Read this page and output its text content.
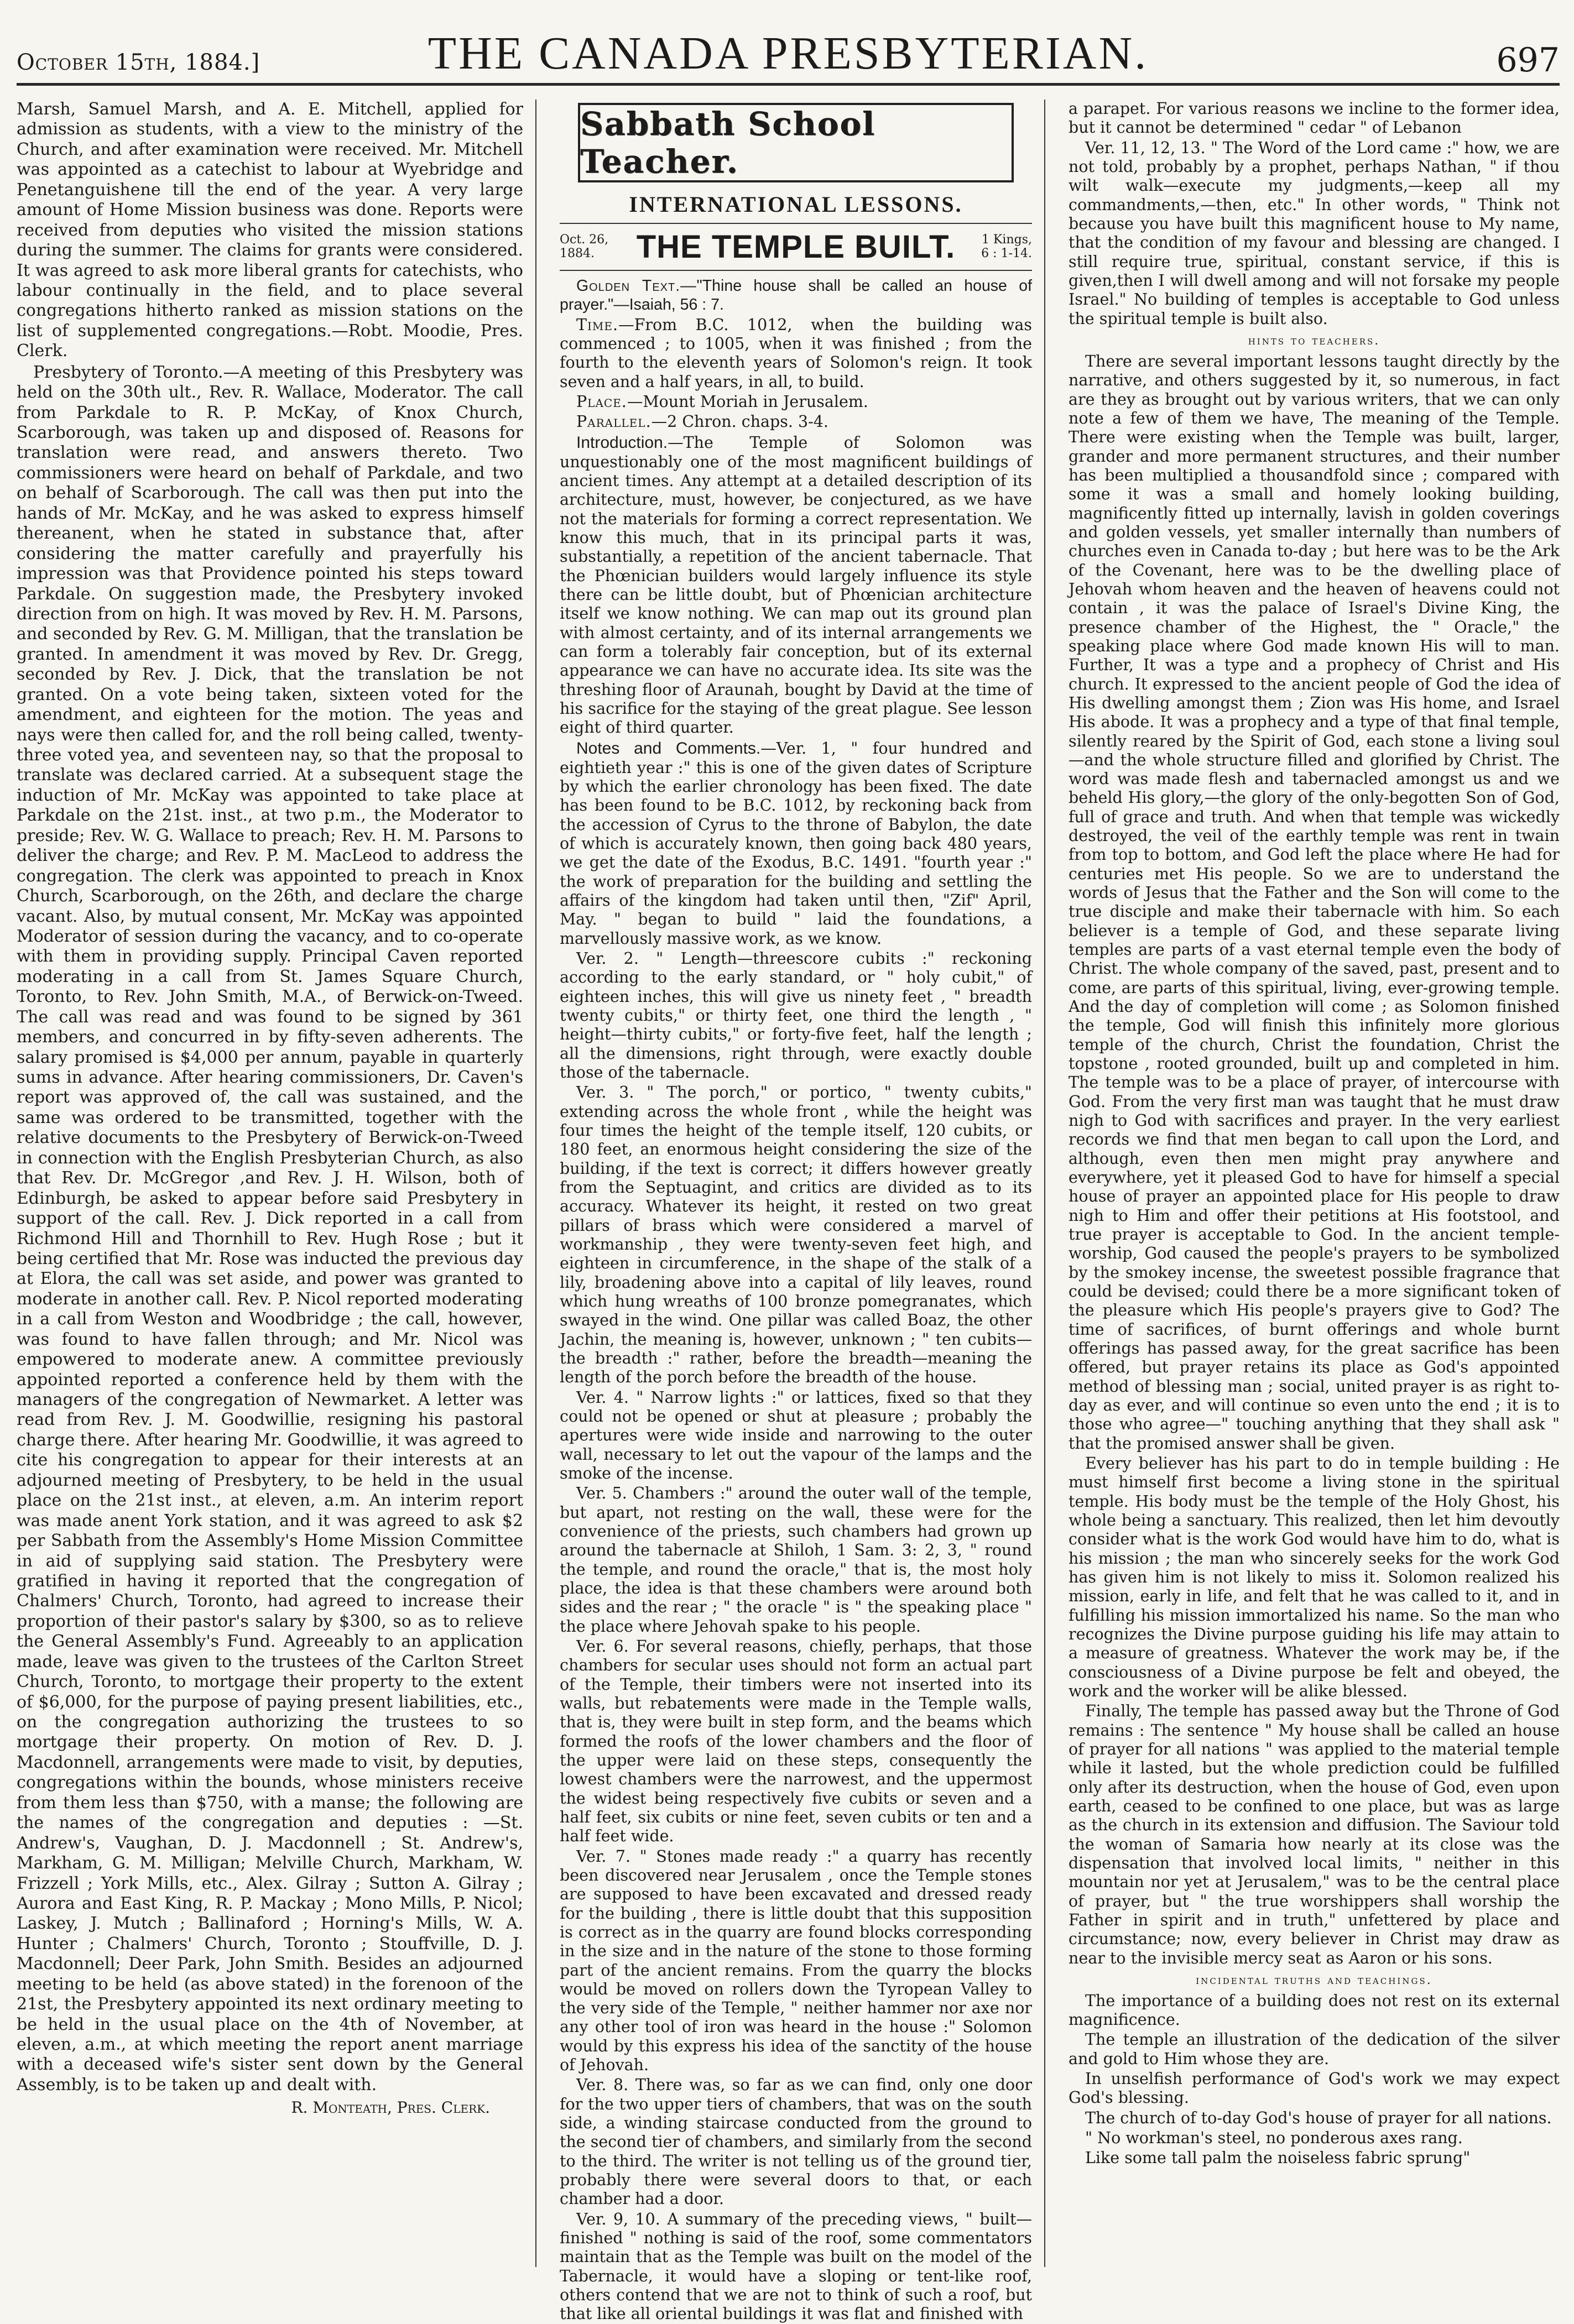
October 15th, 1884.]	THE CANADA PRESBYTERIAN.	697

Marsh, Samuel Marsh, and A. E. Mitchell, applied for admission as students, with a view to the ministry of the Church, and after examination were received. Mr. Mitchell was appointed as a catechist to labour at Wyebridge and Penetanguishene till the end of the year. A very large amount of Home Mission business was done. Reports were received from deputies who visited the mission stations during the summer. The claims for grants were considered. It was agreed to ask more liberal grants for catechists, who labour continually in the field, and to place several congregations hitherto ranked as mission stations on the list of supplemented congregations.—Robt. Moodie, Pres. Clerk.

Presbytery of Toronto.—A meeting of this Presbytery was held on the 30th ult., Rev. R. Wallace, Moderator. The call from Parkdale to R. P. McKay, of Knox Church, Scarborough, was taken up and disposed of. Reasons for translation were read, and answers thereto. Two commissioners were heard on behalf of Parkdale, and two on behalf of Scarborough. The call was then put into the hands of Mr. McKay, and he was asked to express himself thereanent, when he stated in substance that, after considering the matter carefully and prayerfully his impression was that Providence pointed his steps toward Parkdale. On suggestion made, the Presbytery invoked direction from on high. It was moved by Rev. H. M. Parsons, and seconded by Rev. G. M. Milligan, that the translation be granted. In amendment it was moved by Rev. Dr. Gregg, seconded by Rev. J. Dick, that the translation be not granted. On a vote being taken, sixteen voted for the amendment, and eighteen for the motion. The yeas and nays were then called for, and the roll being called, twenty-three voted yea, and seventeen nay, so that the proposal to translate was declared carried. At a subsequent stage the induction of Mr. McKay was appointed to take place at Parkdale on the 21st. inst., at two p.m., the Moderator to preside; Rev. W. G. Wallace to preach; Rev. H. M. Parsons to deliver the charge; and Rev. P. M. MacLeod to address the congregation. The clerk was appointed to preach in Knox Church, Scarborough, on the 26th, and declare the charge vacant. Also, by mutual consent, Mr. McKay was appointed Moderator of session during the vacancy, and to co-operate with them in providing supply. Principal Caven reported moderating in a call from St. James Square Church, Toronto, to Rev. John Smith, M.A., of Berwick-on-Tweed. The call was read and was found to be signed by 361 members, and concurred in by fifty-seven adherents. The salary promised is $4,000 per annum, payable in quarterly sums in advance. After hearing commissioners, Dr. Caven's report was approved of, the call was sustained, and the same was ordered to be transmitted, together with the relative documents to the Presbytery of Berwick-on-Tweed in connection with the English Presbyterian Church, as also that Rev. Dr. McGregor ,and Rev. J. H. Wilson, both of Edinburgh, be asked to appear before said Presbytery in support of the call. Rev. J. Dick reported in a call from Richmond Hill and Thornhill to Rev. Hugh Rose ; but it being certified that Mr. Rose was inducted the previous day at Elora, the call was set aside, and power was granted to moderate in another call. Rev. P. Nicol reported moderating in a call from Weston and Woodbridge ; the call, however, was found to have fallen through; and Mr. Nicol was empowered to moderate anew. A committee previously appointed reported a conference held by them with the managers of the congregation of Newmarket. A letter was read from Rev. J. M. Goodwillie, resigning his pastoral charge there. After hearing Mr. Goodwillie, it was agreed to cite his congregation to appear for their interests at an adjourned meeting of Presbytery, to be held in the usual place on the 21st inst., at eleven, a.m. An interim report was made anent York station, and it was agreed to ask $2 per Sabbath from the Assembly's Home Mission Committee in aid of supplying said station. The Presbytery were gratified in having it reported that the congregation of Chalmers' Church, Toronto, had agreed to increase their proportion of their pastor's salary by $300, so as to relieve the General Assembly's Fund. Agreeably to an application made, leave was given to the trustees of the Carlton Street Church, Toronto, to mortgage their property to the extent of $6,000, for the purpose of paying present liabilities, etc., on the congregation authorizing the trustees to so mortgage their property. On motion of Rev. D. J. Macdonnell, arrangements were made to visit, by deputies, congregations within the bounds, whose ministers receive from them less than $750, with a manse; the following are the names of the congregation and deputies : —St. Andrew's, Vaughan, D. J. Macdonnell ; St. Andrew's, Markham, G. M. Milligan; Melville Church, Markham, W. Frizzell ; York Mills, etc., Alex. Gilray ; Sutton A. Gilray ; Aurora and East King, R. P. Mackay ; Mono Mills, P. Nicol; Laskey, J. Mutch ; Ballinaford ; Horning's Mills, W. A. Hunter ; Chalmers' Church, Toronto ; Stouffville, D. J. Macdonnell; Deer Park, John Smith. Besides an adjourned meeting to be held (as above stated) in the forenoon of the 21st, the Presbytery appointed its next ordinary meeting to be held in the usual place on the 4th of November, at eleven, a.m., at which meeting the report anent marriage with a deceased wife's sister sent down by the General Assembly, is to be taken up and dealt with.

R. Monteath, Pres. Clerk.
Sabbath School Teacher.
INTERNATIONAL LESSONS.
Oct. 26, 1884.	THE TEMPLE BUILT.	1 Kings, 6 : 1-14.

Golden Text.—"Thine house shall be called an house of prayer."—Isaiah, 56 : 7.

Time.—From B.C. 1012, when the building was commenced ; to 1005, when it was finished ; from the fourth to the eleventh years of Solomon's reign. It took seven and a half years, in all, to build.

Place.—Mount Moriah in Jerusalem.

Parallel.—2 Chron. chaps. 3-4.

Introduction.—The Temple of Solomon was unquestionably one of the most magnificent buildings of ancient times. Any attempt at a detailed description of its architecture, must, however, be conjectured, as we have not the materials for forming a correct representation. We know this much, that in its principal parts it was, substantially, a repetition of the ancient tabernacle. That the Phœnician builders would largely influence its style there can be little doubt, but of Phœnician architecture itself we know nothing. We can map out its ground plan with almost certainty, and of its internal arrangements we can form a tolerably fair conception, but of its external appearance we can have no accurate idea. Its site was the threshing floor of Araunah, bought by David at the time of his sacrifice for the staying of the great plague. See lesson eight of third quarter.

Notes and Comments.—Ver. 1, " four hundred and eightieth year :" this is one of the given dates of Scripture by which the earlier chronology has been fixed. The date has been found to be B.C. 1012, by reckoning back from the accession of Cyrus to the throne of Babylon, the date of which is accurately known, then going back 480 years, we get the date of the Exodus, B.C. 1491. "fourth year :" the work of preparation for the building and settling the affairs of the kingdom had taken until then, "Zif" April, May. " began to build " laid the foundations, a marvellously massive work, as we know.

Ver. 2. " Length—threescore cubits :" reckoning according to the early standard, or " holy cubit," of eighteen inches, this will give us ninety feet , " breadth twenty cubits," or thirty feet, one third the length , " height—thirty cubits," or forty-five feet, half the length ; all the dimensions, right through, were exactly double those of the tabernacle.

Ver. 3. " The porch," or portico, " twenty cubits," extending across the whole front , while the height was four times the height of the temple itself, 120 cubits, or 180 feet, an enormous height considering the size of the building, if the text is correct; it differs however greatly from the Septuagint, and critics are divided as to its accuracy. Whatever its height, it rested on two great pillars of brass which were considered a marvel of workmanship , they were twenty-seven feet high, and eighteen in circumference, in the shape of the stalk of a lily, broadening above into a capital of lily leaves, round which hung wreaths of 100 bronze pomegranates, which swayed in the wind. One pillar was called Boaz, the other Jachin, the meaning is, however, unknown ; " ten cubits—the breadth :" rather, before the breadth—meaning the length of the porch before the breadth of the house.

Ver. 4. " Narrow lights :" or lattices, fixed so that they could not be opened or shut at pleasure ; probably the apertures were wide inside and narrowing to the outer wall, necessary to let out the vapour of the lamps and the smoke of the incense.

Ver. 5. Chambers :" around the outer wall of the temple, but apart, not resting on the wall, these were for the convenience of the priests, such chambers had grown up around the tabernacle at Shiloh, 1 Sam. 3: 2, 3, " round the temple, and round the oracle," that is, the most holy place, the idea is that these chambers were around both sides and the rear ; " the oracle " is " the speaking place " the place where Jehovah spake to his people.

Ver. 6. For several reasons, chiefly, perhaps, that those chambers for secular uses should not form an actual part of the Temple, their timbers were not inserted into its walls, but rebatements were made in the Temple walls, that is, they were built in step form, and the beams which formed the roofs of the lower chambers and the floor of the upper were laid on these steps, consequently the lowest chambers were the narrowest, and the uppermost the widest being respectively five cubits or seven and a half feet, six cubits or nine feet, seven cubits or ten and a half feet wide.

Ver. 7. " Stones made ready :" a quarry has recently been discovered near Jerusalem , once the Temple stones are supposed to have been excavated and dressed ready for the building , there is little doubt that this supposition is correct as in the quarry are found blocks corresponding in the size and in the nature of the stone to those forming part of the ancient remains. From the quarry the blocks would be moved on rollers down the Tyropean Valley to the very side of the Temple, " neither hammer nor axe nor any other tool of iron was heard in the house :" Solomon would by this express his idea of the sanctity of the house of Jehovah.

Ver. 8. There was, so far as we can find, only one door for the two upper tiers of chambers, that was on the south side, a winding staircase conducted from the ground to the second tier of chambers, and similarly from the second to the third. The writer is not telling us of the ground tier, probably there were several doors to that, or each chamber had a door.

Ver. 9, 10. A summary of the preceding views, " built—finished " nothing is said of the roof, some commentators maintain that as the Temple was built on the model of the Tabernacle, it would have a sloping or tent-like roof, others contend that we are not to think of such a roof, but that like all oriental buildings it was flat and finished with

a parapet. For various reasons we incline to the former idea, but it cannot be determined " cedar " of Lebanon

Ver. 11, 12, 13. " The Word of the Lord came :" how, we are not told, probably by a prophet, perhaps Nathan, " if thou wilt walk—execute my judgments,—keep all my commandments,—then, etc." In other words, " Think not because you have built this magnificent house to My name, that the condition of my favour and blessing are changed. I still require true, spiritual, constant service, if this is given,then I will dwell among and will not forsake my people Israel." No building of temples is acceptable to God unless the spiritual temple is built also.

hints to teachers.

There are several important lessons taught directly by the narrative, and others suggested by it, so numerous, in fact are they as brought out by various writers, that we can only note a few of them we have, The meaning of the Temple. There were existing when the Temple was built, larger, grander and more permanent structures, and their number has been multiplied a thousandfold since ; compared with some it was a small and homely looking building, magnificently fitted up internally, lavish in golden coverings and golden vessels, yet smaller internally than numbers of churches even in Canada to-day ; but here was to be the Ark of the Covenant, here was to be the dwelling place of Jehovah whom heaven and the heaven of heavens could not contain , it was the palace of Israel's Divine King, the presence chamber of the Highest, the " Oracle," the speaking place where God made known His will to man. Further, It was a type and a prophecy of Christ and His church. It expressed to the ancient people of God the idea of His dwelling amongst them ; Zion was His home, and Israel His abode. It was a prophecy and a type of that final temple, silently reared by the Spirit of God, each stone a living soul—and the whole structure filled and glorified by Christ. The word was made flesh and tabernacled amongst us and we beheld His glory,—the glory of the only-begotten Son of God, full of grace and truth. And when that temple was wickedly destroyed, the veil of the earthly temple was rent in twain from top to bottom, and God left the place where He had for centuries met His people. So we are to understand the words of Jesus that the Father and the Son will come to the true disciple and make their tabernacle with him. So each believer is a temple of God, and these separate living temples are parts of a vast eternal temple even the body of Christ. The whole company of the saved, past, present and to come, are parts of this spiritual, living, ever-growing temple. And the day of completion will come ; as Solomon finished the temple, God will finish this infinitely more glorious temple of the church, Christ the foundation, Christ the topstone , rooted grounded, built up and completed in him. The temple was to be a place of prayer, of intercourse with God. From the very first man was taught that he must draw nigh to God with sacrifices and prayer. In the very earliest records we find that men began to call upon the Lord, and although, even then men might pray anywhere and everywhere, yet it pleased God to have for himself a special house of prayer an appointed place for His people to draw nigh to Him and offer their petitions at His footstool, and true prayer is acceptable to God. In the ancient temple-worship, God caused the people's prayers to be symbolized by the smokey incense, the sweetest possible fragrance that could be devised; could there be a more significant token of the pleasure which His people's prayers give to God? The time of sacrifices, of burnt offerings and whole burnt offerings has passed away, for the great sacrifice has been offered, but prayer retains its place as God's appointed method of blessing man ; social, united prayer is as right to-day as ever, and will continue so even unto the end ; it is to those who agree—" touching anything that they shall ask " that the promised answer shall be given.

Every believer has his part to do in temple building : He must himself first become a living stone in the spiritual temple. His body must be the temple of the Holy Ghost, his whole being a sanctuary. This realized, then let him devoutly consider what is the work God would have him to do, what is his mission ; the man who sincerely seeks for the work God has given him is not likely to miss it. Solomon realized his mission, early in life, and felt that he was called to it, and in fulfilling his mission immortalized his name. So the man who recognizes the Divine purpose guiding his life may attain to a measure of greatness. Whatever the work may be, if the consciousness of a Divine purpose be felt and obeyed, the work and the worker will be alike blessed.

Finally, The temple has passed away but the Throne of God remains : The sentence " My house shall be called an house of prayer for all nations " was applied to the material temple while it lasted, but the whole prediction could be fulfilled only after its destruction, when the house of God, even upon earth, ceased to be confined to one place, but was as large as the church in its extension and diffusion. The Saviour told the woman of Samaria how nearly at its close was the dispensation that involved local limits, " neither in this mountain nor yet at Jerusalem," was to be the central place of prayer, but " the true worshippers shall worship the Father in spirit and in truth," unfettered by place and circumstance; now, every believer in Christ may draw as near to the invisible mercy seat as Aaron or his sons.

incidental truths and teachings.

The importance of a building does not rest on its external magnificence.

The temple an illustration of the dedication of the silver and gold to Him whose they are.

In unselfish performance of God's work we may expect God's blessing.

The church of to-day God's house of prayer for all nations.

" No workman's steel, no ponderous axes rang.

Like some tall palm the noiseless fabric sprung"
